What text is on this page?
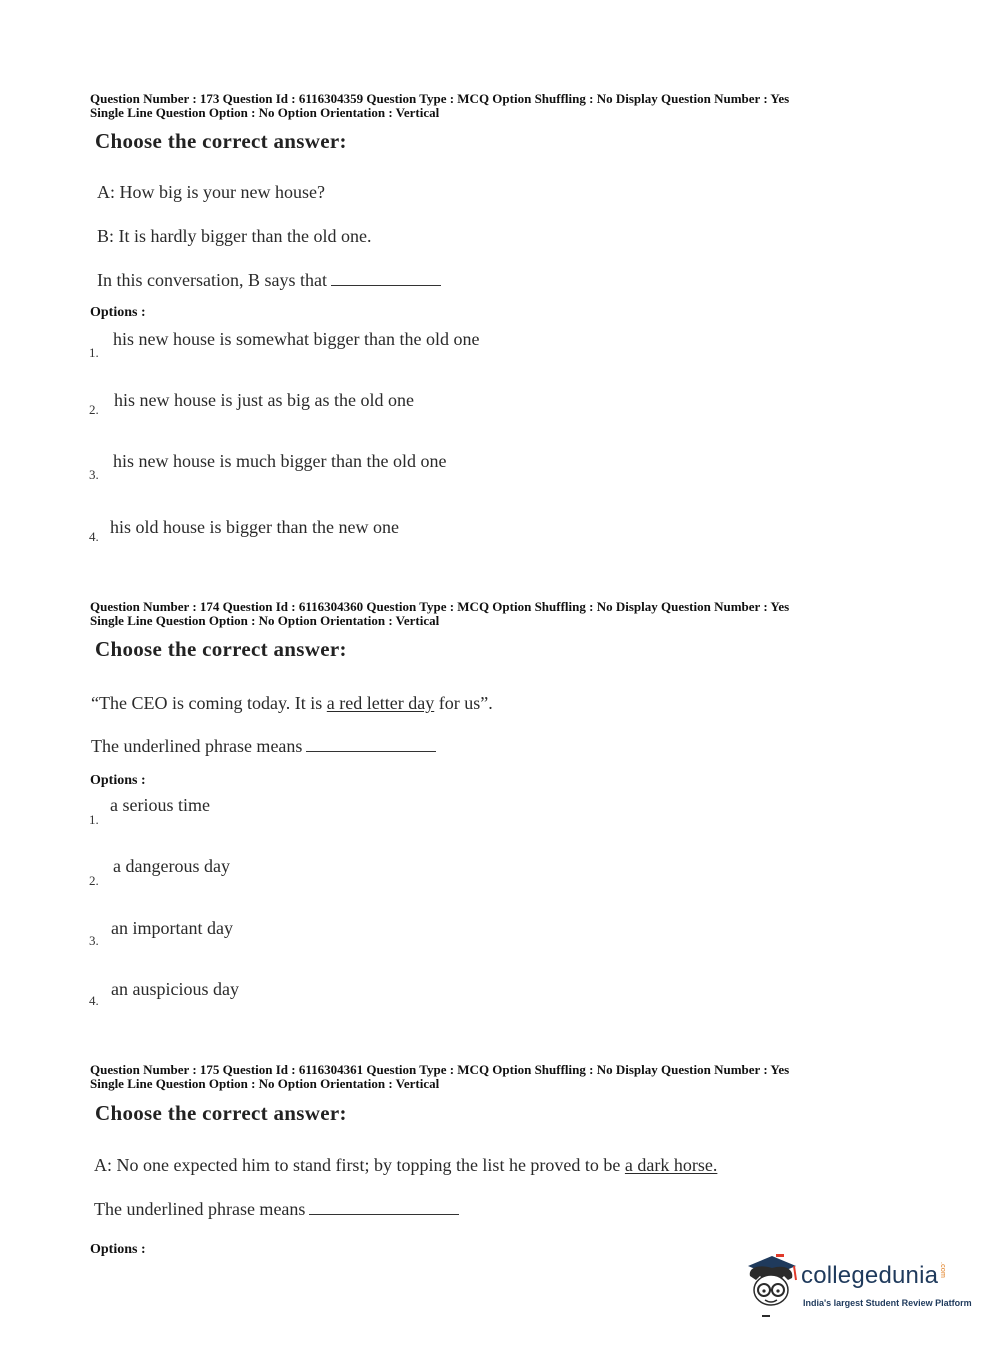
Question Number : 173 Question Id : 6116304359 Question Type : MCQ Option Shuffling : No Display Question Number : Yes
Single Line Question Option : No Option Orientation : Vertical
Choose the correct answer:
A: How big is your new house?
B: It is hardly bigger than the old one.
In this conversation, B says that
Options :
1.
his new house is somewhat bigger than the old one
2. his new house is just as big as the old one
3.
his new house is much bigger than the old one
4. his old house is bigger than the new one
Question Number : 174 Question Id : 6116304360 Question Type : MCQ Option Shuffling : No Display Question Number : Yes
Single Line Question Option : No Option Orientation : Vertical
Choose the correct answer:
“The CEO is coming today. It is a red letter day for us”.
The underlined phrase means
Options :
1.
a serious time
2.
a dangerous day
3.
an important day
4.
an auspicious day
Question Number : 175 Question Id : 6116304361 Question Type : MCQ Option Shuffling : No Display Question Number : Yes
Single Line Question Option : No Option Orientation : Vertical
Choose the correct answer:
A: No one expected him to stand first; by topping the list he proved to be a dark horse.
The underlined phrase means
Options :
collegedunia.com
India's largest Student Review Platform
